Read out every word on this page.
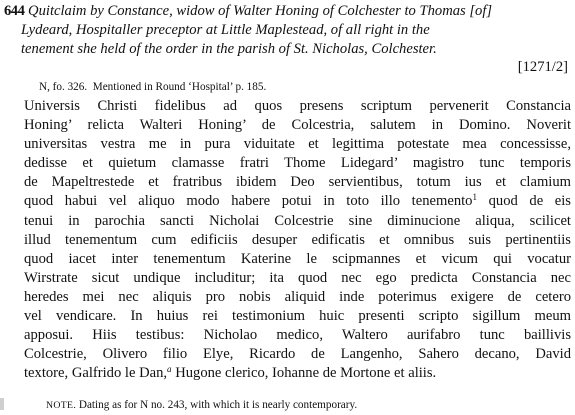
644 Quitclaim by Constance, widow of Walter Honing of Colchester to Thomas [of]
Lydeard, Hospitaller preceptor at Little Maplestead, of all right in the
tenement she held of the order in the parish of St. Nicholas, Colchester.
[1271/2]
N, fo. 326. Mentioned in Round ‘Hospital’ p. 185.
Universis Christi fidelibus ad quos presens scriptum pervenerit Constancia
Honing’ relicta Walteri Honing’ de Colcestria, salutem in Domino. Noverit
universitas vestra me in pura viduitate et legittima potestate mea concessisse,
dedisse et quietum clamasse fratri Thome Lidegard’ magistro tunc temporis
de Mapeltrestede et fratribus ibidem Deo servientibus, totum ius et clamium
quod habui vel aliquo modo habere potui in toto illo tenemento$^1$ quod de eis
tenui in parochia sancti Nicholai Colcestrie sine diminucione aliqua, scilicet
illud tenementum cum edificiis desuper edificatis et omnibus suis pertinentiis
quod iacet inter tenementum Katerine le scipmannes et vicum qui vocatur
Wirstrate sicut undique includitur; ita quod nec ego predicta Constancia nec
heredes mei nec aliquis pro nobis aliquid inde poterimus exigere de cetero
vel vendicare. In huius rei testimonium huic presenti scripto sigillum meum
apposui. Hiis testibus: Nicholao medico, Waltero aurifabro tunc baillivis
Colcestrie, Olivero filio Elye, Ricardo de Langenho, Sahero decano, David
textore, Galfrido le Dan,$^a$ Hugone clerico, Iohanne de Mortone et aliis.
NOTE. Dating as for N no. 243, with which it is nearly contemporary.
